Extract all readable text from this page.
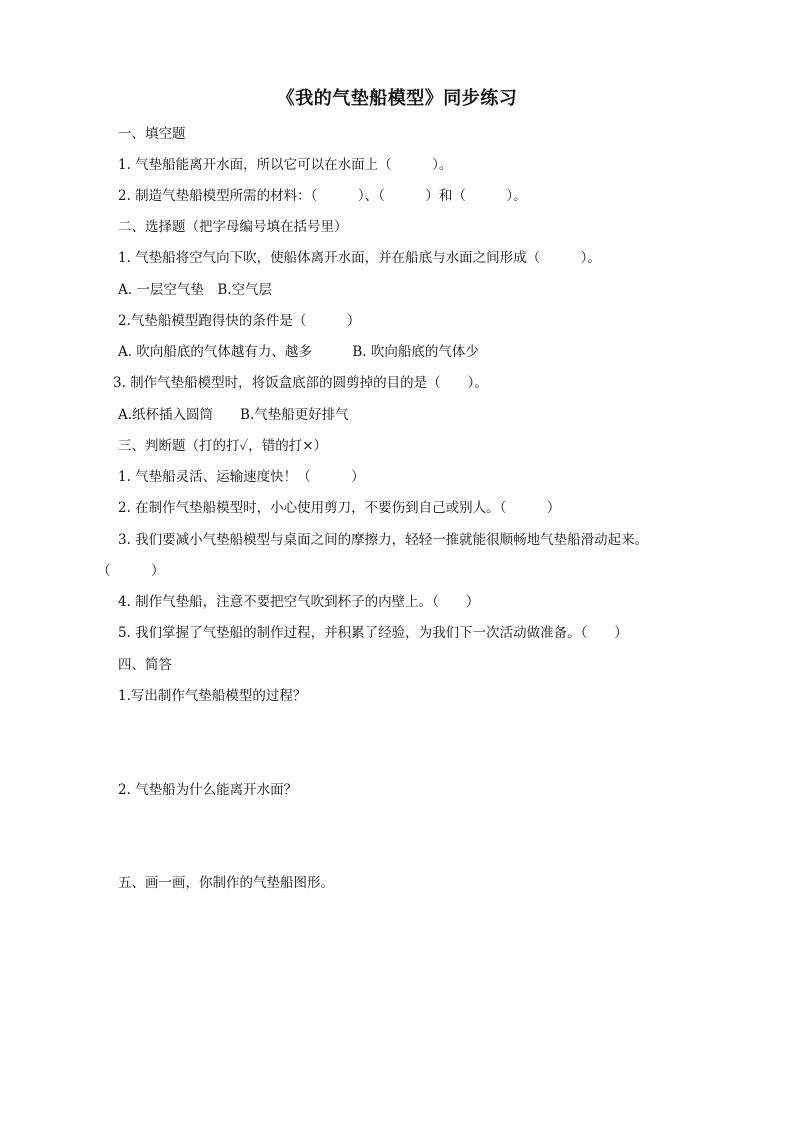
《我的气垫船模型》同步练习
一、填空题
1. 气垫船能离开水面，所以它可以在水面上（　　　）。
2. 制造气垫船模型所需的材料：（　　　）、（　　　）和（　　　）。
二、选择题（把字母编号填在括号里）
1. 气垫船将空气向下吹，使船体离开水面，并在船底与水面之间形成（　　　）。
A. 一层空气垫　B.空气层
2.气垫船模型跑得快的条件是（　　　）
A. 吹向船底的气体越有力、越多　　　B. 吹向船底的气体少
3. 制作气垫船模型时，将饭盒底部的圆剪掉的目的是（　　）。
A.纸杯插入圆筒　　B.气垫船更好排气
三、判断题（打的打✓，错的打×）
1. 气垫船灵活、运输速度快！（　　　）
2. 在制作气垫船模型时，小心使用剪刀，不要伤到自己或别人。（　　　）
3. 我们要减小气垫船模型与桌面之间的摩擦力，轻轻一推就能很顺畅地气垫船滑动起来。
（　　　）
4. 制作气垫船，注意不要把空气吹到杯子的内壁上。（　　）
5. 我们掌握了气垫船的制作过程，并积累了经验，为我们下一次活动做准备。（　　）
四、简答
1.写出制作气垫船模型的过程？
2. 气垫船为什么能离开水面？
五、画一画，你制作的气垫船图形。
